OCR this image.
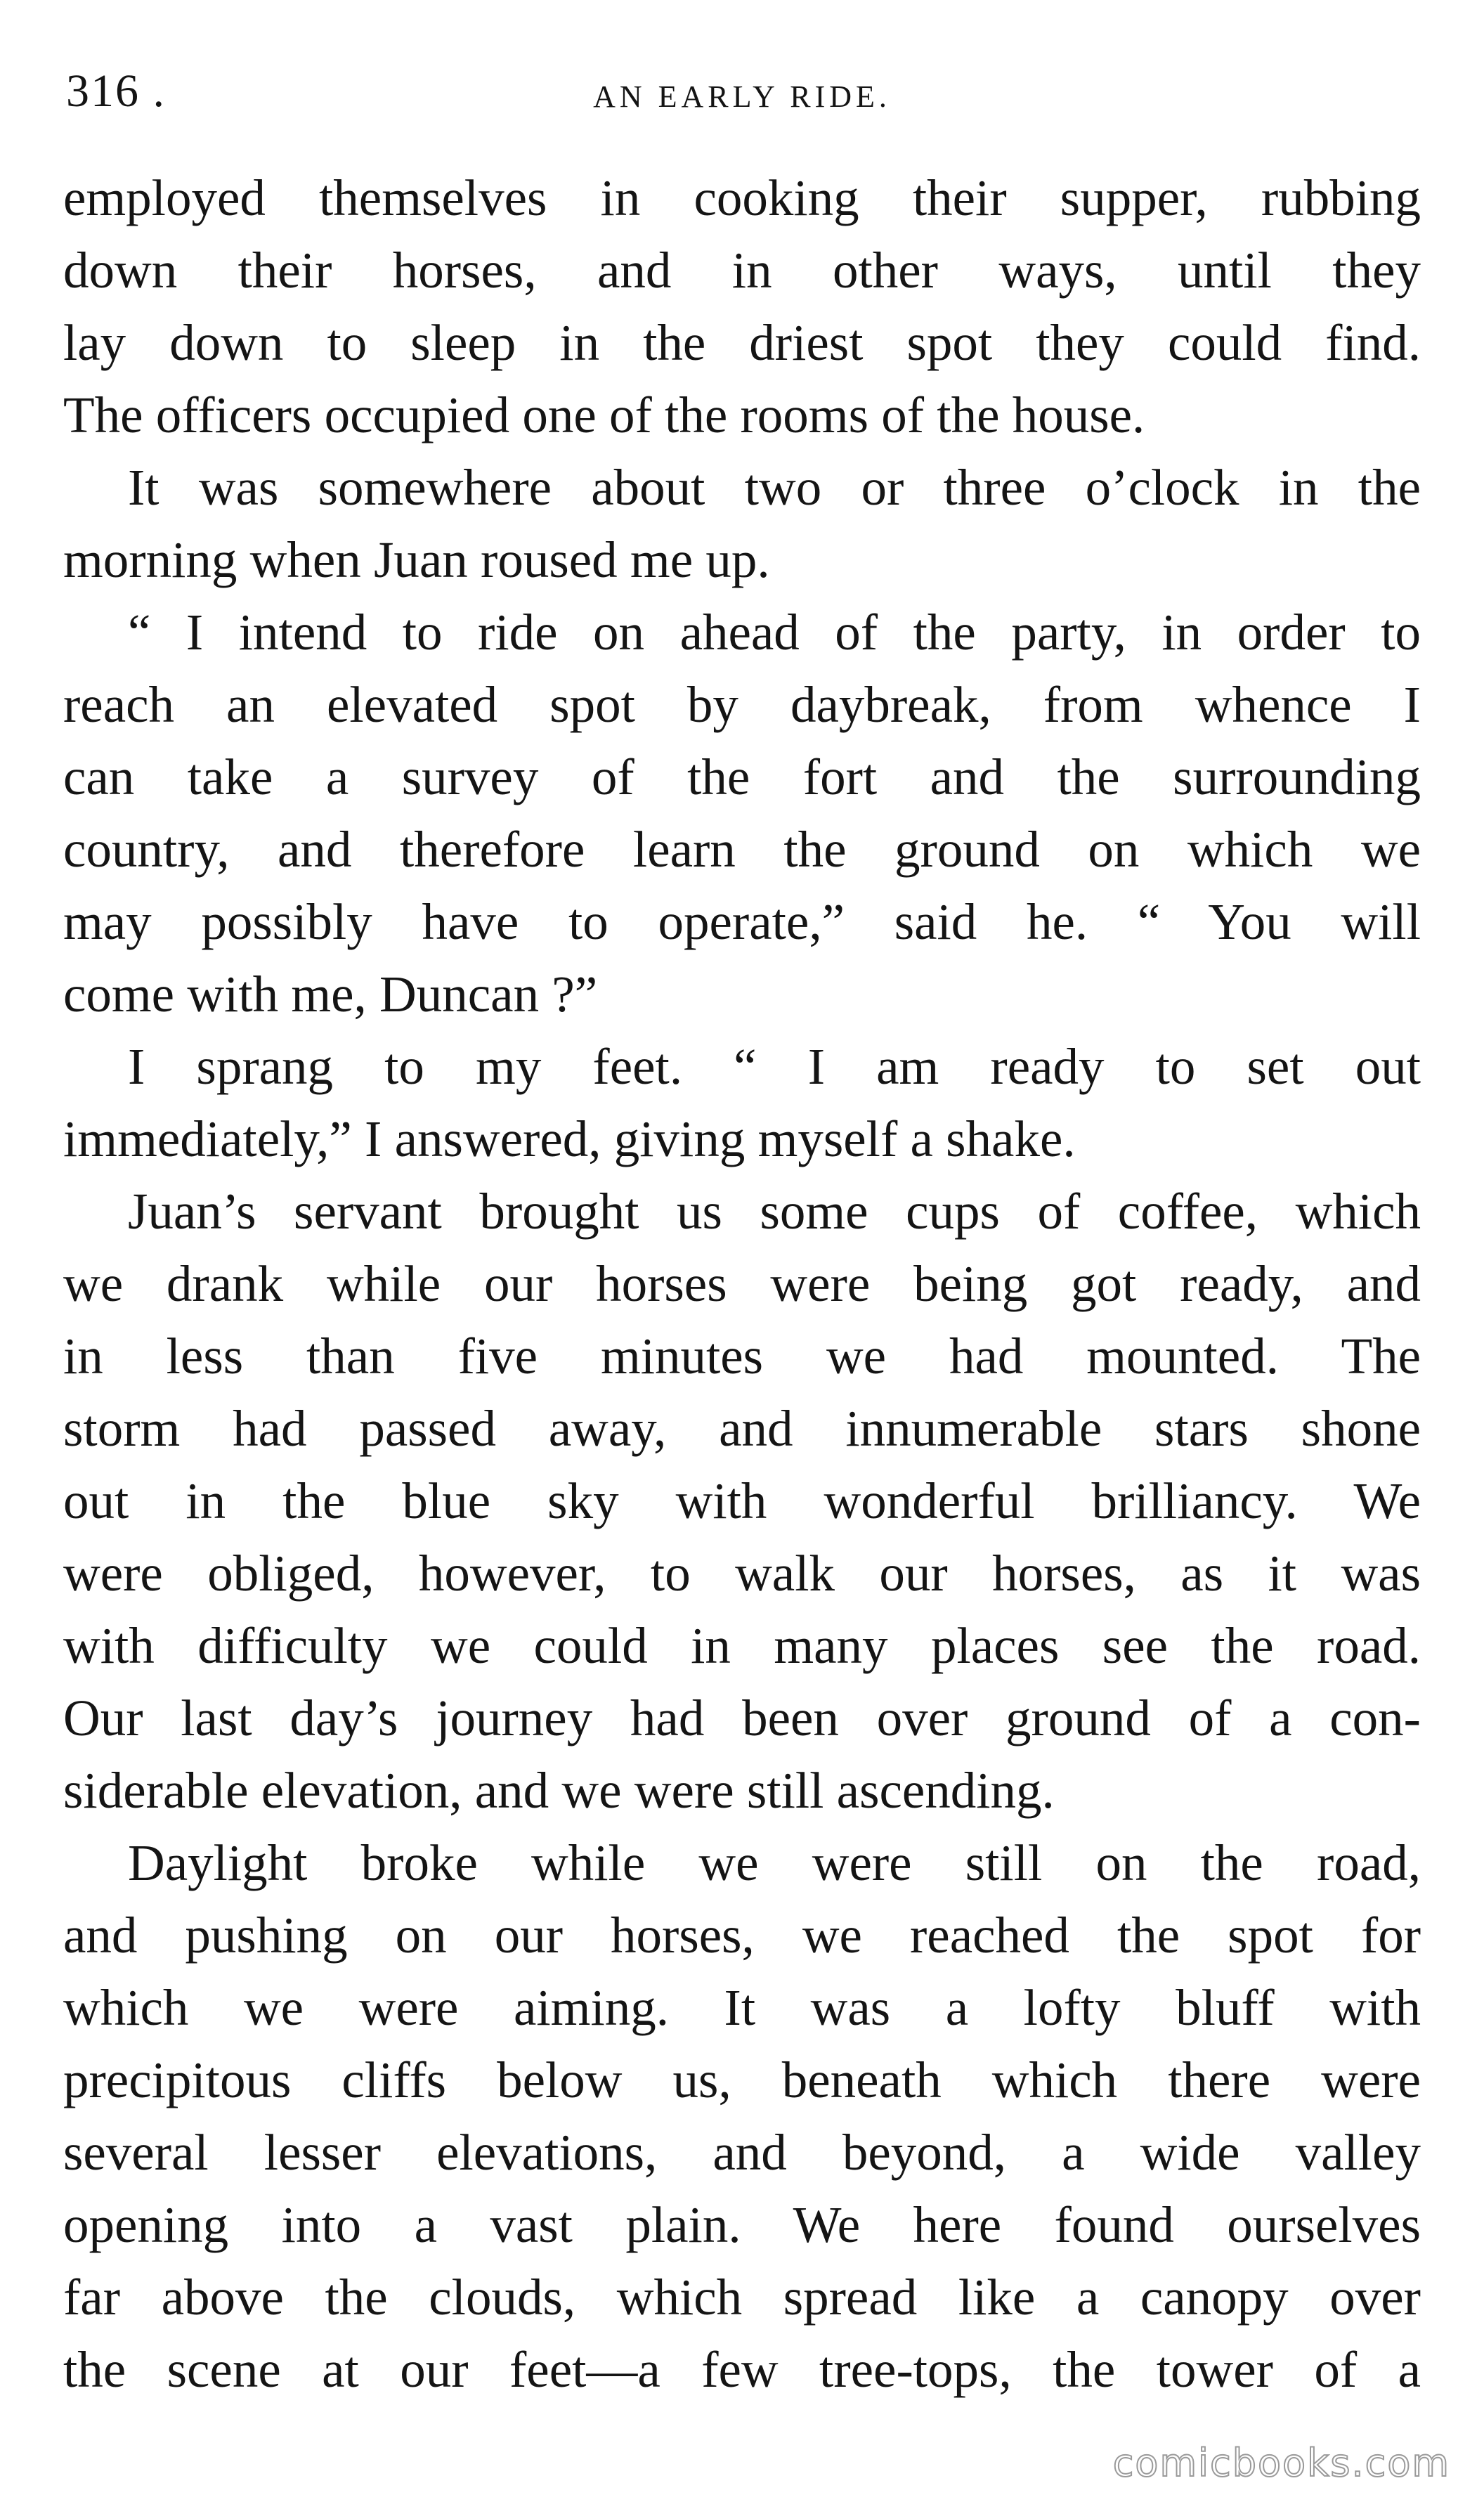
316 .	AN EARLY RIDE.
employed themselves in cooking their supper, rubbing
down their horses, and in other ways, until they
lay down to sleep in the driest spot they could find.
The officers occupied one of the rooms of the house.
It was somewhere about two or three o’clock in the
morning when Juan roused me up.
“ I intend to ride on ahead of the party, in order to
reach an elevated spot by daybreak, from whence I
can take a survey of the fort and the surrounding
country, and therefore learn the ground on which we
may possibly have to operate,” said he. “ You will
come with me, Duncan ?”
I sprang to my feet. “ I am ready to set out
immediately,” I answered, giving myself a shake.
Juan’s servant brought us some cups of coffee, which
we drank while our horses were being got ready, and
in less than five minutes we had mounted. The
storm had passed away, and innumerable stars shone
out in the blue sky with wonderful brilliancy. We
were obliged, however, to walk our horses, as it was
with difficulty we could in many places see the road.
Our last day’s journey had been over ground of a con-
siderable elevation, and we were still ascending.
Daylight broke while we were still on the road,
and pushing on our horses, we reached the spot for
which we were aiming. It was a lofty bluff with
precipitous cliffs below us, beneath which there were
several lesser elevations, and beyond, a wide valley
opening into a vast plain. We here found ourselves
far above the clouds, which spread like a canopy over
the scene at our feet—a few tree-tops, the tower of a
comicbooks.com
